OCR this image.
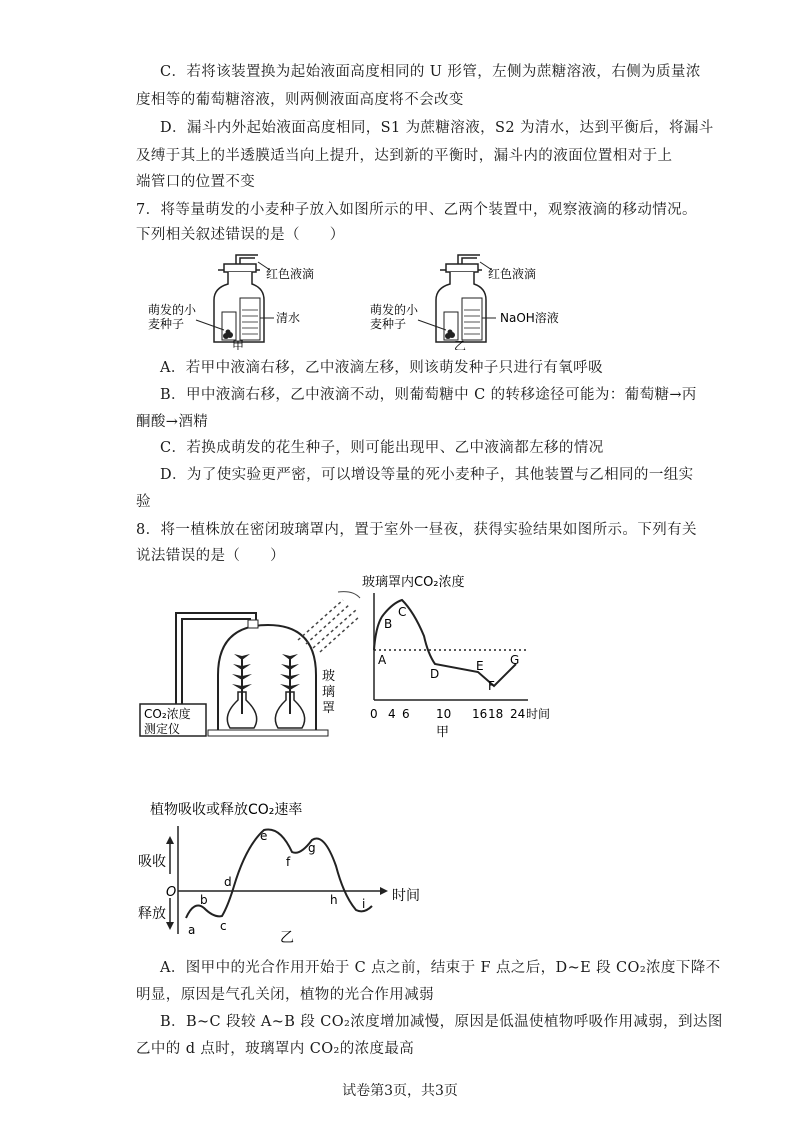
C．若将该装置换为起始液面高度相同的 U 形管，左侧为蔗糖溶液，右侧为质量浓
度相等的葡萄糖溶液，则两侧液面高度将不会改变
D．漏斗内外起始液面高度相同，S1 为蔗糖溶液，S2 为清水，达到平衡后，将漏斗
及缚于其上的半透膜适当向上提升，达到新的平衡时，漏斗内的液面位置相对于上
端管口的位置不变
7．将等量萌发的小麦种子放入如图所示的甲、乙两个装置中，观察液滴的移动情况。
下列相关叙述错误的是（　　）
红色液滴
萌发的小
麦种子	清水
甲
红色液滴
萌发的小
麦种子	NaOH溶液
乙
A．若甲中液滴右移，乙中液滴左移，则该萌发种子只进行有氧呼吸
B．甲中液滴右移，乙中液滴不动，则葡萄糖中 C 的转移途径可能为：葡萄糖→丙
酮酸→酒精
C．若换成萌发的花生种子，则可能出现甲、乙中液滴都左移的情况
D．为了使实验更严密，可以增设等量的死小麦种子，其他装置与乙相同的一组实
验
8．将一植株放在密闭玻璃罩内，置于室外一昼夜，获得实验结果如图所示。下列有关
说法错误的是（　　）
CO₂浓度
测定仪
玻
璃
罩
玻璃罩内CO₂浓度
A
B
C
D
E
F
G
0 4 6 10 16 18 24 时间
甲
植物吸收或释放CO₂速率
吸收
释放
O
a
b
c
d
e
f
g
h i 时间
乙
A．图甲中的光合作用开始于 C 点之前，结束于 F 点之后，D~E 段 CO₂浓度下降不
明显，原因是气孔关闭，植物的光合作用减弱
B．B~C 段较 A~B 段 CO₂浓度增加减慢，原因是低温使植物呼吸作用减弱，到达图
乙中的 d 点时，玻璃罩内 CO₂的浓度最高
试卷第3页，共3页
